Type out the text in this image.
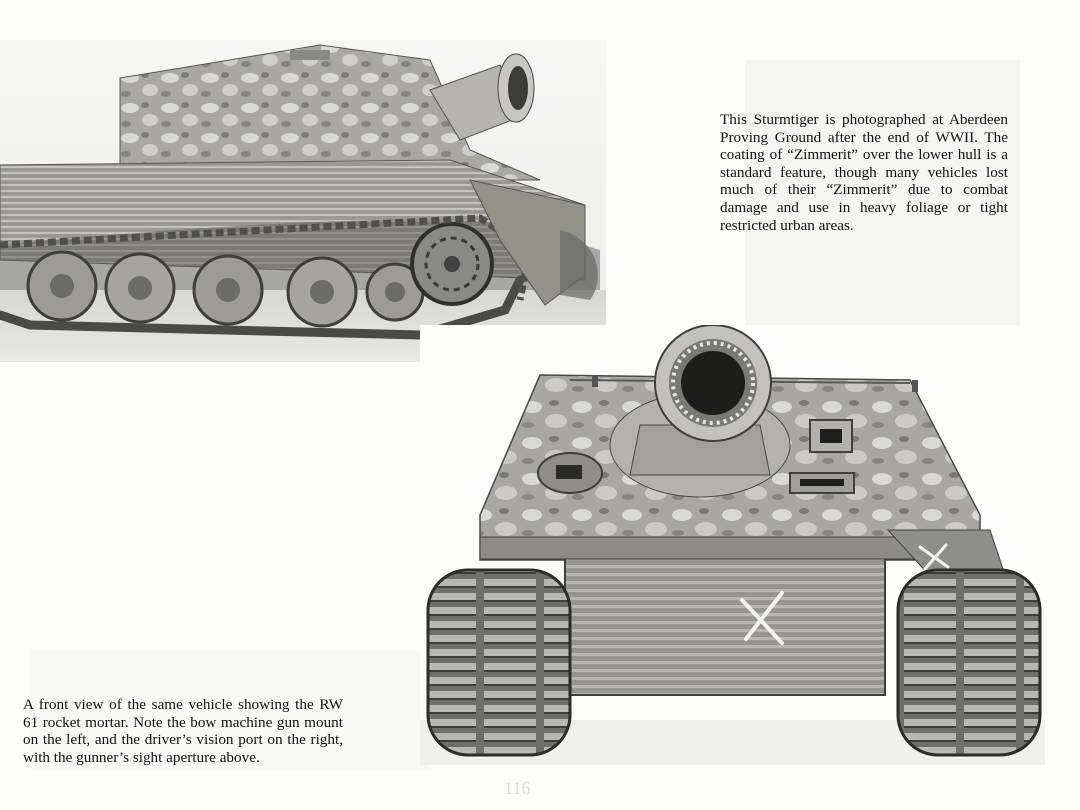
This Sturmtiger is photographed at Aberdeen Proving Ground after the end of WWII. The coating of “Zimmerit” over the lower hull is a standard feature, though many vehicles lost much of their “Zimmerit” due to combat damage and use in heavy foliage or tight restricted urban areas.

A front view of the same vehicle showing the RW 61 rocket mortar. Note the bow machine gun mount on the left, and the driver’s vision port on the right, with the gunner’s sight aperture above.

116
